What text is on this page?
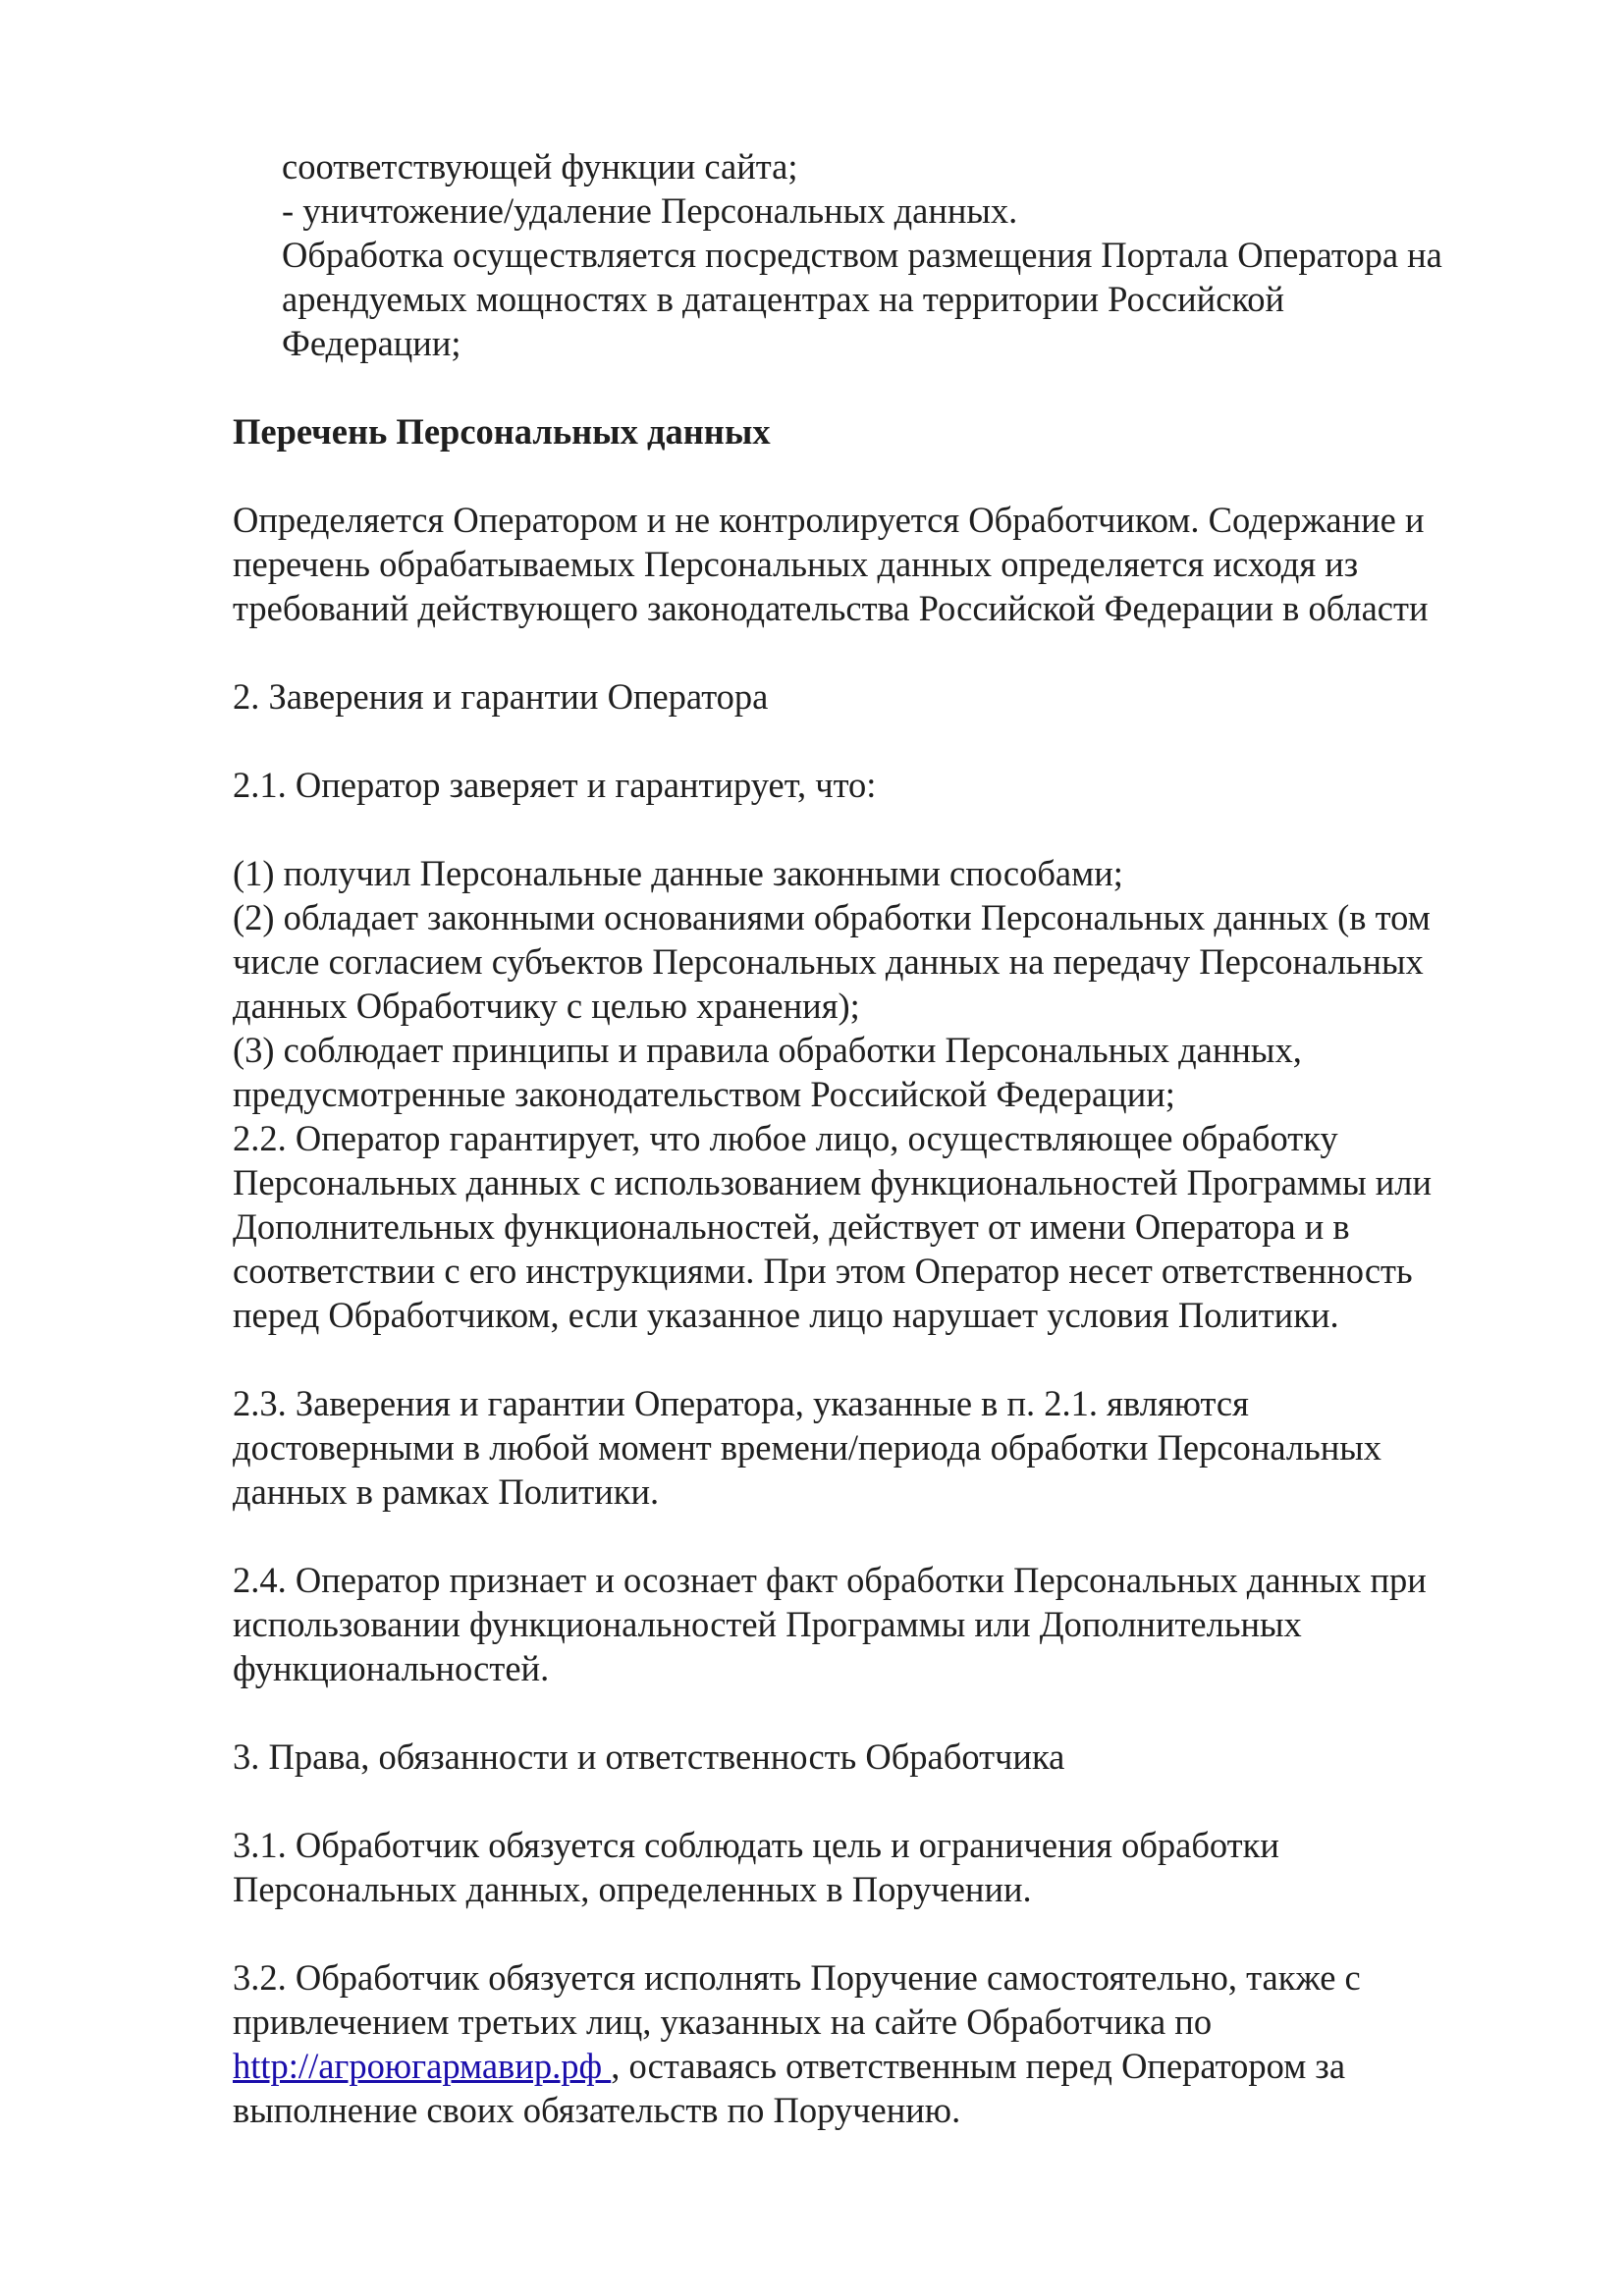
соответствующей функции сайта;
- уничтожение/удаление Персональных данных.
Обработка осуществляется посредством размещения Портала Оператора на
арендуемых мощностях в датацентрах на территории Российской
Федерации;
Перечень Персональных данных
Определяется Оператором и не контролируется Обработчиком. Содержание и
перечень обрабатываемых Персональных данных определяется исходя из
требований действующего законодательства Российской Федерации в области
2. Заверения и гарантии Оператора
2.1. Оператор заверяет и гарантирует, что:
(1) получил Персональные данные законными способами;
(2) обладает законными основаниями обработки Персональных данных (в том
числе согласием субъектов Персональных данных на передачу Персональных
данных Обработчику с целью хранения);
(3) соблюдает принципы и правила обработки Персональных данных,
предусмотренные законодательством Российской Федерации;
2.2. Оператор гарантирует, что любое лицо, осуществляющее обработку
Персональных данных с использованием функциональностей Программы или
Дополнительных функциональностей, действует от имени Оператора и в
соответствии с его инструкциями. При этом Оператор несет ответственность
перед Обработчиком, если указанное лицо нарушает условия Политики.
2.3. Заверения и гарантии Оператора, указанные в п. 2.1. являются
достоверными в любой момент времени/периода обработки Персональных
данных в рамках Политики.
2.4. Оператор признает и осознает факт обработки Персональных данных при
использовании функциональностей Программы или Дополнительных
функциональностей.
3. Права, обязанности и ответственность Обработчика
3.1. Обработчик обязуется соблюдать цель и ограничения обработки
Персональных данных, определенных в Поручении.
3.2. Обработчик обязуется исполнять Поручение самостоятельно, также с
привлечением третьих лиц, указанных на сайте Обработчика по
http://агроюгармавир.рф , оставаясь ответственным перед Оператором за
выполнение своих обязательств по Поручению.
